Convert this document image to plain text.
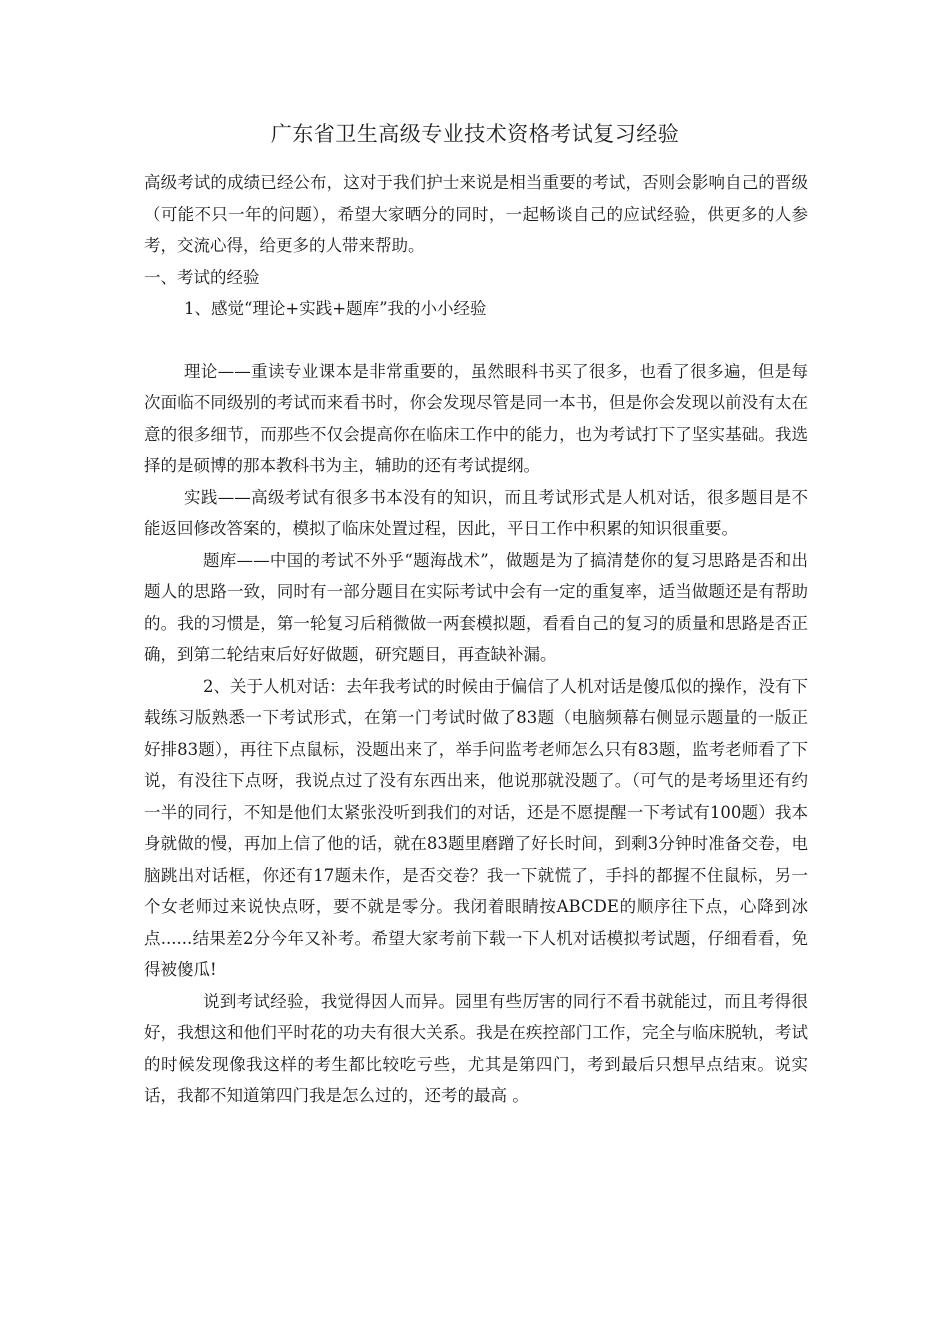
广东省卫生高级专业技术资格考试复习经验

高级考试的成绩已经公布，这对于我们护士来说是相当重要的考试，否则会影响自己的晋级（可能不只一年的问题），希望大家晒分的同时，一起畅谈自己的应试经验，供更多的人参考，交流心得，给更多的人带来帮助。

一、考试的经验

1、感觉“理论+实践+题库”我的小小经验

理论——重读专业课本是非常重要的，虽然眼科书买了很多，也看了很多遍，但是每次面临不同级别的考试而来看书时，你会发现尽管是同一本书，但是你会发现以前没有太在意的很多细节，而那些不仅会提高你在临床工作中的能力，也为考试打下了坚实基础。我选择的是硕博的那本教科书为主，辅助的还有考试提纲。

实践——高级考试有很多书本没有的知识，而且考试形式是人机对话，很多题目是不能返回修改答案的，模拟了临床处置过程，因此，平日工作中积累的知识很重要。

题库——中国的考试不外乎“题海战术”，做题是为了搞清楚你的复习思路是否和出题人的思路一致，同时有一部分题目在实际考试中会有一定的重复率，适当做题还是有帮助的。我的习惯是，第一轮复习后稍微做一两套模拟题，看看自己的复习的质量和思路是否正确，到第二轮结束后好好做题，研究题目，再查缺补漏。

2、关于人机对话：去年我考试的时候由于偏信了人机对话是傻瓜似的操作，没有下载练习版熟悉一下考试形式，在第一门考试时做了83题（电脑频幕右侧显示题量的一版正好排83题），再往下点鼠标，没题出来了，举手问监考老师怎么只有83题，监考老师看了下说，有没往下点呀，我说点过了没有东西出来，他说那就没题了。（可气的是考场里还有约一半的同行，不知是他们太紧张没听到我们的对话，还是不愿提醒一下考试有100题）我本身就做的慢，再加上信了他的话，就在83题里磨蹭了好长时间，到剩3分钟时准备交卷，电脑跳出对话框，你还有17题未作，是否交卷？我一下就慌了，手抖的都握不住鼠标，另一个女老师过来说快点呀，要不就是零分。我闭着眼睛按ABCDE的顺序往下点，心降到冰点......结果差2分今年又补考。希望大家考前下载一下人机对话模拟考试题，仔细看看，免得被傻瓜!

说到考试经验，我觉得因人而异。园里有些厉害的同行不看书就能过，而且考得很好，我想这和他们平时花的功夫有很大关系。我是在疾控部门工作，完全与临床脱轨，考试的时候发现像我这样的考生都比较吃亏些，尤其是第四门，考到最后只想早点结束。说实话，我都不知道第四门我是怎么过的，还考的最高 。
